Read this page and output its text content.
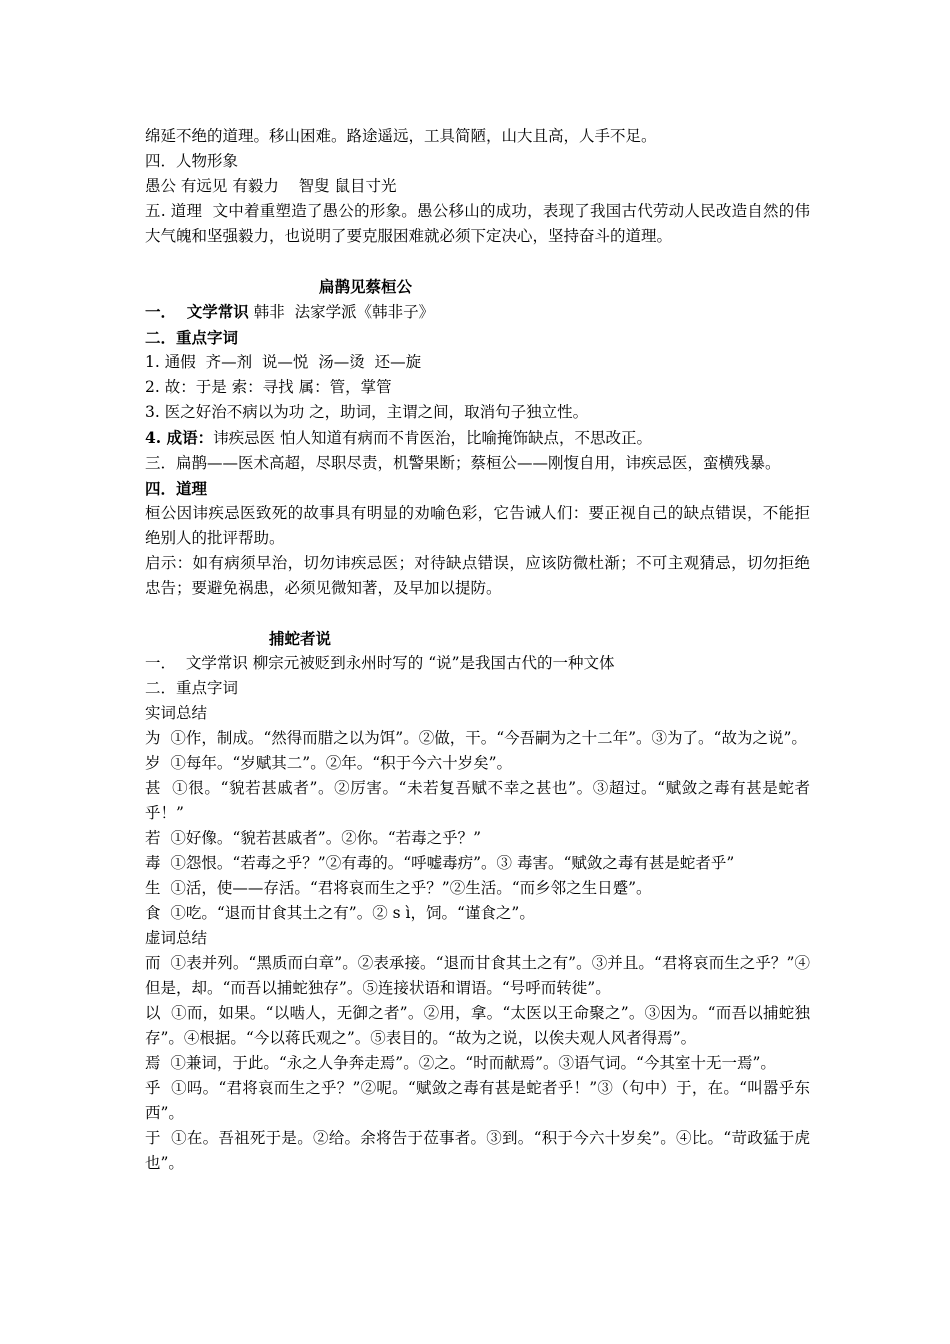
绵延不绝的道理。移山困难。路途遥远，工具简陋，山大且高，人手不足。

四．人物形象

愚公 有远见 有毅力    智叟 鼠目寸光

五. 道理  文中着重塑造了愚公的形象。愚公移山的成功，表现了我国古代劳动人民改造自然的伟大气魄和坚强毅力，也说明了要克服困难就必须下定决心，坚持奋斗的道理。

扁鹊见蔡桓公

一．  文学常识 韩非  法家学派《韩非子》

二．重点字词

1. 通假  齐—剂  说—悦  汤—烫  还—旋

2. 故：于是 索：寻找 属：管，掌管

3. 医之好治不病以为功 之，助词，主谓之间，取消句子独立性。

4. 成语：讳疾忌医 怕人知道有病而不肯医治，比喻掩饰缺点，不思改正。

三．扁鹊——医术高超，尽职尽责，机警果断；蔡桓公——刚愎自用，讳疾忌医，蛮横残暴。

四．道理

桓公因讳疾忌医致死的故事具有明显的劝喻色彩，它告诫人们：要正视自己的缺点错误，不能拒绝别人的批评帮助。

启示：如有病须早治，切勿讳疾忌医；对待缺点错误，应该防微杜渐；不可主观猜忌，切勿拒绝忠告；要避免祸患，必须见微知著，及早加以提防。

捕蛇者说

一．  文学常识 柳宗元被贬到永州时写的 “说”是我国古代的一种文体

二．重点字词

实词总结

为  ①作，制成。“然得而腊之以为饵”。②做，干。“今吾嗣为之十二年”。③为了。“故为之说”。

岁  ①每年。“岁赋其二”。②年。“积于今六十岁矣”。

甚  ①很。“貌若甚戚者”。②厉害。“未若复吾赋不幸之甚也”。③超过。“赋敛之毒有甚是蛇者乎！”

若  ①好像。“貌若甚戚者”。②你。“若毒之乎？”

毒  ①怨恨。“若毒之乎？”②有毒的。“呼嘘毒疠”。③ 毒害。“赋敛之毒有甚是蛇者乎”

生  ①活，使——存活。“君将哀而生之乎？”②生活。“而乡邻之生日蹙”。

食  ①吃。“退而甘食其土之有”。② s ì，饲。“谨食之”。

虚词总结

而  ①表并列。“黑质而白章”。②表承接。“退而甘食其土之有”。③并且。“君将哀而生之乎？”④但是，却。“而吾以捕蛇独存”。⑤连接状语和谓语。“号呼而转徙”。

以  ①而，如果。“以啮人，无御之者”。②用，拿。“太医以王命聚之”。③因为。“而吾以捕蛇独存”。④根据。“今以蒋氏观之”。⑤表目的。“故为之说，以俟夫观人风者得焉”。

焉  ①兼词，于此。“永之人争奔走焉”。②之。“时而献焉”。③语气词。“今其室十无一焉”。

乎  ①吗。“君将哀而生之乎？”②呢。“赋敛之毒有甚是蛇者乎！”③（句中）于，在。“叫嚣乎东西”。

于  ①在。吾祖死于是。②给。余将告于莅事者。③到。“积于今六十岁矣”。④比。“苛政猛于虎也”。
